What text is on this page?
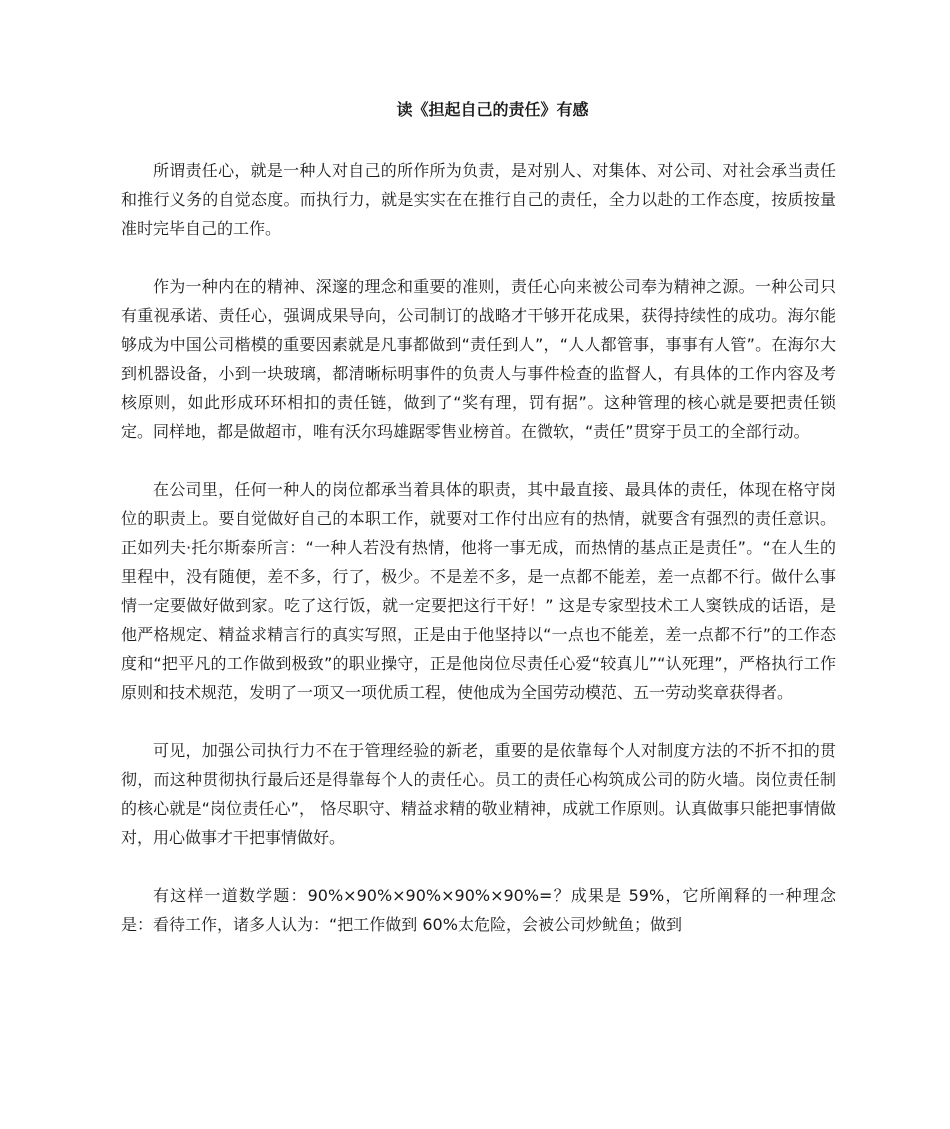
读《担起自己的责任》有感

所谓责任心，就是一种人对自己的所作所为负责，是对别人、对集体、对公司、对社会承当责任和推行义务的自觉态度。而执行力，就是实实在在推行自己的责任，全力以赴的工作态度，按质按量准时完毕自己的工作。

作为一种内在的精神、深邃的理念和重要的准则，责任心向来被公司奉为精神之源。一种公司只有重视承诺、责任心，强调成果导向，公司制订的战略才干够开花成果，获得持续性的成功。海尔能够成为中国公司楷模的重要因素就是凡事都做到“责任到人”，“人人都管事，事事有人管”。在海尔大到机器设备，小到一块玻璃，都清晰标明事件的负责人与事件检查的监督人，有具体的工作内容及考核原则，如此形成环环相扣的责任链，做到了“奖有理，罚有据”。这种管理的核心就是要把责任锁定。同样地，都是做超市，唯有沃尔玛雄踞零售业榜首。在微软，“责任”贯穿于员工的全部行动。

在公司里，任何一种人的岗位都承当着具体的职责，其中最直接、最具体的责任，体现在格守岗位的职责上。要自觉做好自己的本职工作，就要对工作付出应有的热情，就要含有强烈的责任意识。正如列夫·托尔斯泰所言：“一种人若没有热情，他将一事无成，而热情的基点正是责任”。“在人生的里程中，没有随便，差不多，行了，极少。不是差不多，是一点都不能差，差一点都不行。做什么事情一定要做好做到家。吃了这行饭，就一定要把这行干好！” 这是专家型技术工人窦铁成的话语，是他严格规定、精益求精言行的真实写照，正是由于他坚持以“一点也不能差，差一点都不行”的工作态度和“把平凡的工作做到极致”的职业操守，正是他岗位尽责任心爱“较真儿”“认死理”，严格执行工作原则和技术规范，发明了一项又一项优质工程，使他成为全国劳动模范、五一劳动奖章获得者。

可见，加强公司执行力不在于管理经验的新老，重要的是依靠每个人对制度方法的不折不扣的贯彻，而这种贯彻执行最后还是得靠每个人的责任心。员工的责任心构筑成公司的防火墙。岗位责任制的核心就是“岗位责任心”， 恪尽职守、精益求精的敬业精神，成就工作原则。认真做事只能把事情做对，用心做事才干把事情做好。

有这样一道数学题：90%×90%×90%×90%×90%=？成果是 59%，它所阐释的一种理念是：看待工作，诸多人认为：“把工作做到 60%太危险，会被公司炒鱿鱼；做到
